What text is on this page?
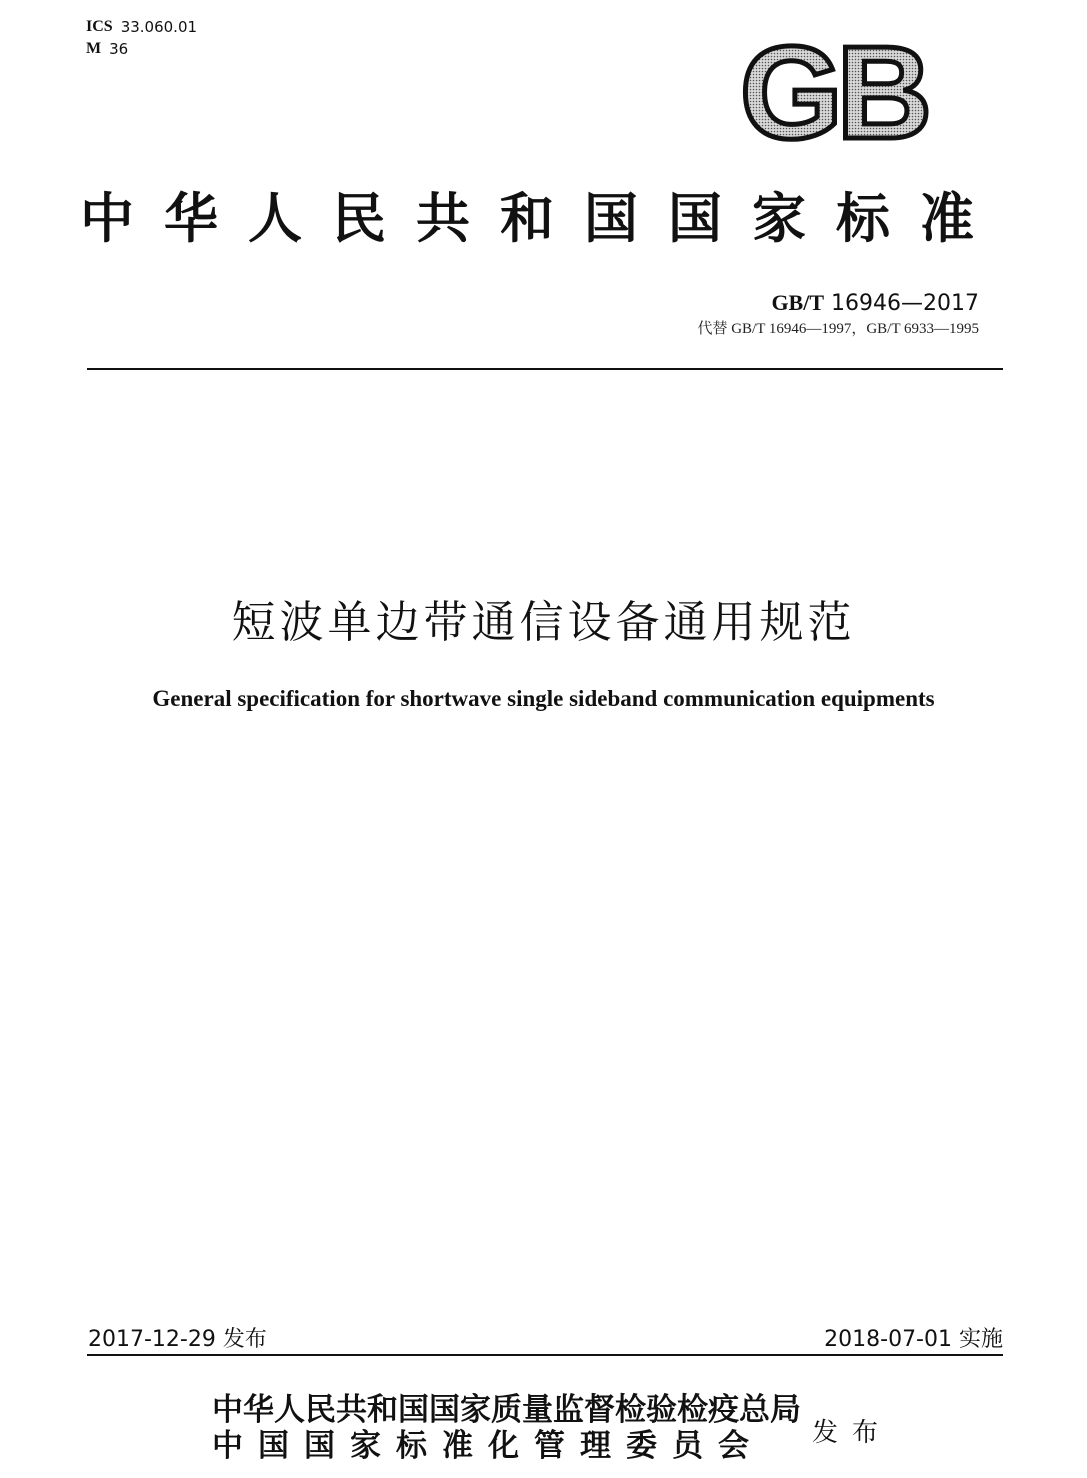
ICS 33.060.01
M 36	GB
中华人民共和国国家标准
GB/T 16946—2017
代替 GB/T 16946—1997，GB/T 6933—1995
短波单边带通信设备通用规范
General specification for shortwave single sideband communication equipments
2017-12-29 发布	2018-07-01 实施
中华人民共和国国家质量监督检验检疫总局
中国国家标准化管理委员会	发布
